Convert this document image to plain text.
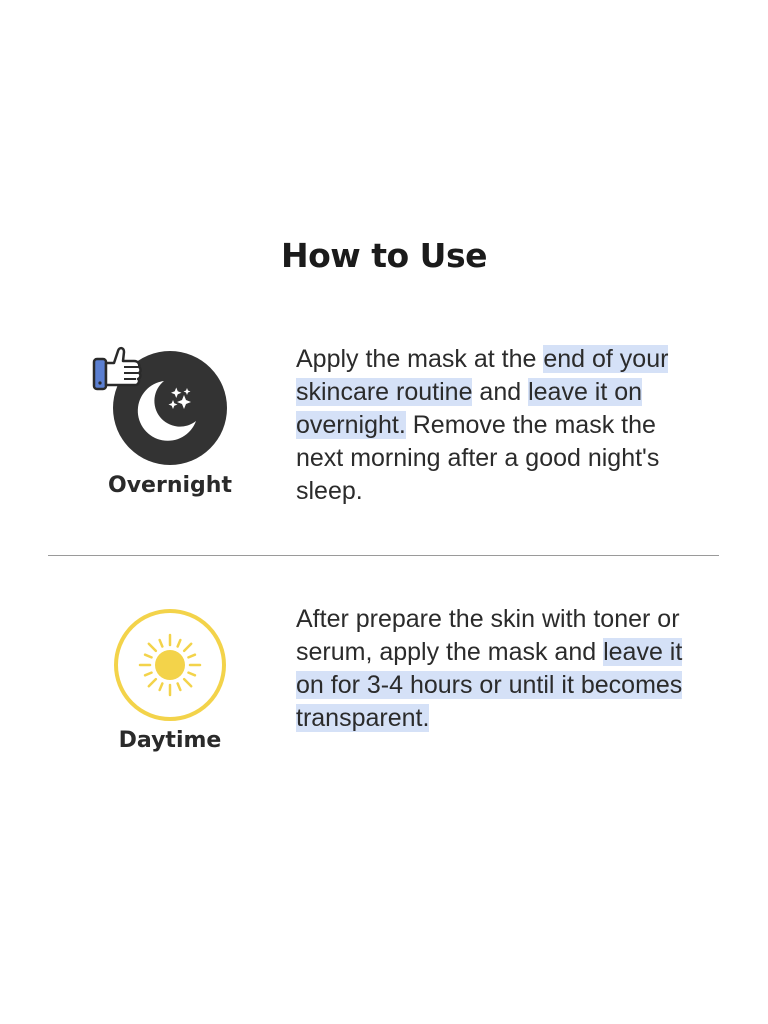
How to Use
Overnight

Apply the mask at the end of your skincare routine and leave it on overnight. Remove the mask the next morning after a good night's sleep.

Daytime

After prepare the skin with toner or serum, apply the mask and leave it on for 3-4 hours or until it becomes transparent.
